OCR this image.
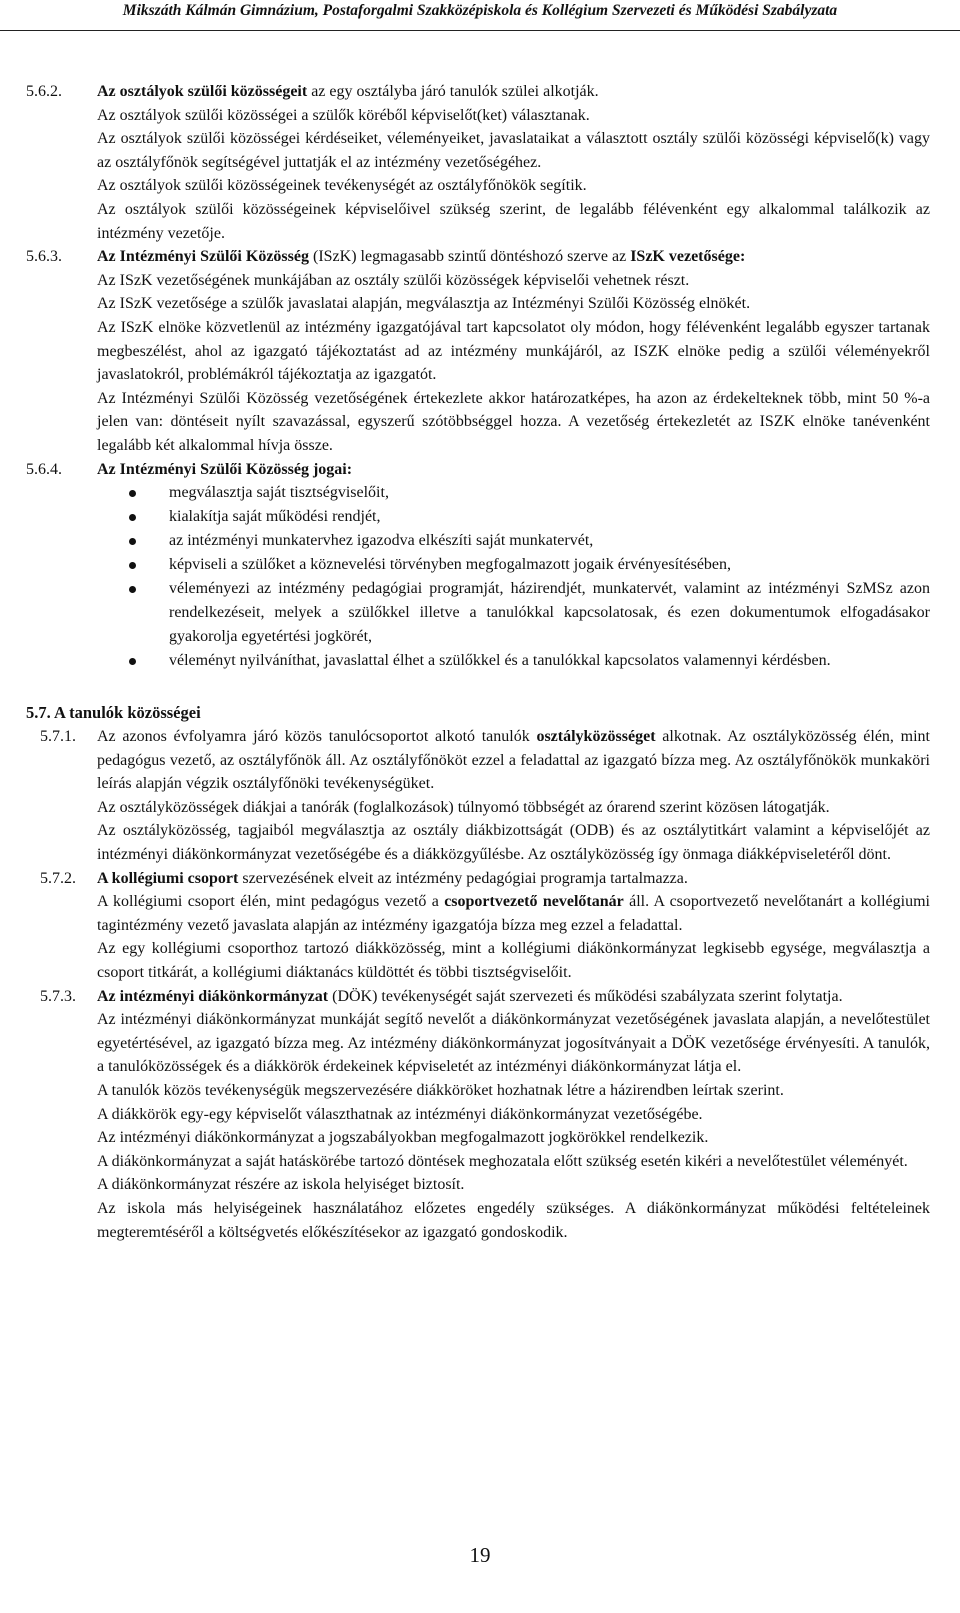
Mikszáth Kálmán Gimnázium, Postaforgalmi Szakközépiskola és Kollégium Szervezeti és Működési Szabályzata
5.6.2. Az osztályok szülői közösségeit az egy osztályba járó tanulók szülei alkotják.
Az osztályok szülői közösségei a szülők köréből képviselőt(ket) választanak.
Az osztályok szülői közösségei kérdéseiket, véleményeiket, javaslataikat a választott osztály szülői közösségi képviselő(k) vagy az osztályfőnök segítségével juttatják el az intézmény vezetőségéhez.
Az osztályok szülői közösségeinek tevékenységét az osztályfőnökök segítik.
Az osztályok szülői közösségeinek képviselőivel szükség szerint, de legalább félévenként egy alkalommal találkozik az intézmény vezetője.
5.6.3. Az Intézményi Szülői Közösség (ISzK) legmagasabb szintű döntéshozó szerve az ISzK vezetősége:
Az ISzK vezetőségének munkájában az osztály szülői közösségek képviselői vehetnek részt.
Az ISzK vezetősége a szülők javaslatai alapján, megválasztja az Intézményi Szülői Közösség elnökét.
Az ISzK elnöke közvetlenül az intézmény igazgatójával tart kapcsolatot oly módon, hogy félévenként legalább egyszer tartanak megbeszélést, ahol az igazgató tájékoztatást ad az intézmény munkájáról, az ISZK elnöke pedig a szülői véleményekről javaslatokról, problémákról tájékoztatja az igazgatót.
Az Intézményi Szülői Közösség vezetőségének értekezlete akkor határozatképes, ha azon az érdekelteknek több, mint 50 %-a jelen van: döntéseit nyílt szavazással, egyszerű szótöbbséggel hozza. A vezetőség értekezletét az ISZK elnöke tanévenként legalább két alkalommal hívja össze.
5.6.4. Az Intézményi Szülői Közösség jogai:
megválasztja saját tisztségviselőit,
kialakítja saját működési rendjét,
az intézményi munkatervhez igazodva elkészíti saját munkatervét,
képviseli a szülőket a köznevelési törvényben megfogalmazott jogaik érvényesítésében,
véleményezi az intézmény pedagógiai programját, házirendjét, munkatervét, valamint az intézményi SzMSz azon rendelkezéseit, melyek a szülőkkel illetve a tanulókkal kapcsolatosak, és ezen dokumentumok elfogadásakor gyakorolja egyetértési jogkörét,
véleményt nyilváníthat, javaslattal élhet a szülőkkel és a tanulókkal kapcsolatos valamennyi kérdésben.
5.7. A tanulók közösségei
5.7.1. Az azonos évfolyamra járó közös tanulócsoportot alkotó tanulók osztályközösséget alkotnak. Az osztályközösség élén, mint pedagógus vezető, az osztályfőnök áll. Az osztályfőnököt ezzel a feladattal az igazgató bízza meg. Az osztályfőnökök munkaköri leírás alapján végzik osztályfőnöki tevékenységüket.
Az osztályközösségek diákjai a tanórák (foglalkozások) túlnyomó többségét az órarend szerint közösen látogatják.
Az osztályközösség, tagjaiból megválasztja az osztály diákbizottságát (ODB) és az osztálytitkárt valamint a képviselőjét az intézményi diákönkormányzat vezetőségébe és a diákközgyűlésbe. Az osztályközösség így önmaga diákképviseletéről dönt.
5.7.2. A kollégiumi csoport szervezésének elveit az intézmény pedagógiai programja tartalmazza.
A kollégiumi csoport élén, mint pedagógus vezető a csoportvezető nevelőtanár áll. A csoportvezető nevelőtanárt a kollégiumi tagintézmény vezető javaslata alapján az intézmény igazgatója bízza meg ezzel a feladattal.
Az egy kollégiumi csoporthoz tartozó diákközösség, mint a kollégiumi diákönkormányzat legkisebb egysége, megválasztja a csoport titkárát, a kollégiumi diáktanács küldöttét és többi tisztségviselőit.
5.7.3. Az intézményi diákönkormányzat (DÖK) tevékenységét saját szervezeti és működési szabályzata szerint folytatja.
Az intézményi diákönkormányzat munkáját segítő nevelőt a diákönkormányzat vezetőségének javaslata alapján, a nevelőtestület egyetértésével, az igazgató bízza meg. Az intézmény diákönkormányzat jogosítványait a DÖK vezetősége érvényesíti. A tanulók, a tanulóközösségek és a diákkörök érdekeinek képviseletét az intézményi diákönkormányzat látja el.
A tanulók közös tevékenységük megszervezésére diákköröket hozhatnak létre a házirendben leírtak szerint.
A diákkörök egy-egy képviselőt választhatnak az intézményi diákönkormányzat vezetőségébe.
Az intézményi diákönkormányzat a jogszabályokban megfogalmazott jogkörökkel rendelkezik.
A diákönkormányzat a saját hatáskörébe tartozó döntések meghozatala előtt szükség esetén kikéri a nevelőtestület véleményét.
A diákönkormányzat részére az iskola helyiséget biztosít.
Az iskola más helyiségeinek használatához előzetes engedély szükséges. A diákönkormányzat működési feltételeinek megteremtéséről a költségvetés előkészítésekor az igazgató gondoskodik.
19
